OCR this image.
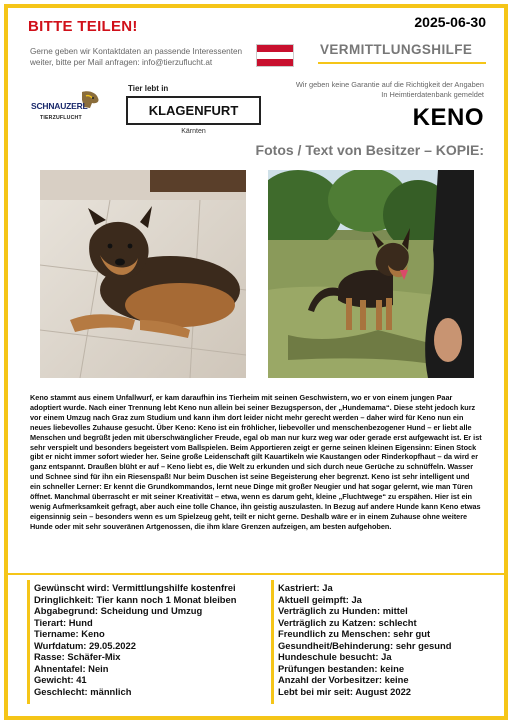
BITTE TEILEN!
Gerne geben wir Kontaktdaten an passende Interessenten
weiter, bitte per Mail anfragen: info@tierzuflucht.at
2025-06-30
VERMITTLUNGSHILFE
Wir geben keine Garantie auf die Richtigkeit der Angaben
In Heimtierdatenbank gemeldet
SCHNAUZERL
TIERZUFLUCHT
Tier lebt in
KLAGENFURT
Kärnten
KENO
Fotos / Text von Besitzer – KOPIE:
Keno stammt aus einem Unfallwurf, er kam daraufhin ins Tierheim mit seinen Geschwistern, wo er von einem jungen Paar adoptiert wurde. Nach einer Trennung lebt Keno nun allein bei seiner Bezugsperson, der „Hundemama“. Diese steht jedoch kurz vor einem Umzug nach Graz zum Studium und kann ihm dort leider nicht mehr gerecht werden – daher wird für Keno nun ein neues liebevolles Zuhause gesucht. Über Keno: Keno ist ein fröhlicher, liebevoller und menschenbezogener Hund – er liebt alle Menschen und begrüßt jeden mit überschwänglicher Freude, egal ob man nur kurz weg war oder gerade erst aufgewacht ist. Er ist sehr verspielt und besonders begeistert vom Ballspielen. Beim Apportieren zeigt er gerne seinen kleinen Eigensinn: Einen Stock gibt er nicht immer sofort wieder her. Seine große Leidenschaft gilt Kauartikeln wie Kaustangen oder Rinderkopfhaut – da wird er ganz entspannt. Draußen blüht er auf – Keno liebt es, die Welt zu erkunden und sich durch neue Gerüche zu schnüffeln. Wasser und Schnee sind für ihn ein Riesenspaß! Nur beim Duschen ist seine Begeisterung eher begrenzt. Keno ist sehr intelligent und ein schneller Lerner: Er kennt die Grundkommandos, lernt neue Dinge mit großer Neugier und hat sogar gelernt, wie man Türen öffnet. Manchmal überrascht er mit seiner Kreativität – etwa, wenn es darum geht, kleine „Fluchtwege“ zu erspähen. Hier ist ein wenig Aufmerksamkeit gefragt, aber auch eine tolle Chance, ihn geistig auszulasten. In Bezug auf andere Hunde kann Keno etwas eigensinnig sein – besonders wenn es um Spielzeug geht, teilt er nicht gerne. Deshalb wäre er in einem Zuhause ohne weitere Hunde oder mit sehr souveränen Artgenossen, die ihm klare Grenzen aufzeigen, am besten aufgehoben.
Gewünscht wird: Vermittlungshilfe kostenfrei
Dringlichkeit: Tier kann noch 1 Monat bleiben
Abgabegrund: Scheidung und Umzug
Tierart: Hund
Tiername: Keno
Wurfdatum: 29.05.2022
Rasse: Schäfer-Mix
Ahnentafel: Nein
Gewicht: 41
Geschlecht: männlich
Kastriert: Ja
Aktuell geimpft: Ja
Verträglich zu Hunden: mittel
Verträglich zu Katzen: schlecht
Freundlich zu Menschen: sehr gut
Gesundheit/Behinderung: sehr gesund
Hundeschule besucht: Ja
Prüfungen bestanden: keine
Anzahl der Vorbesitzer: keine
Lebt bei mir seit: August 2022
